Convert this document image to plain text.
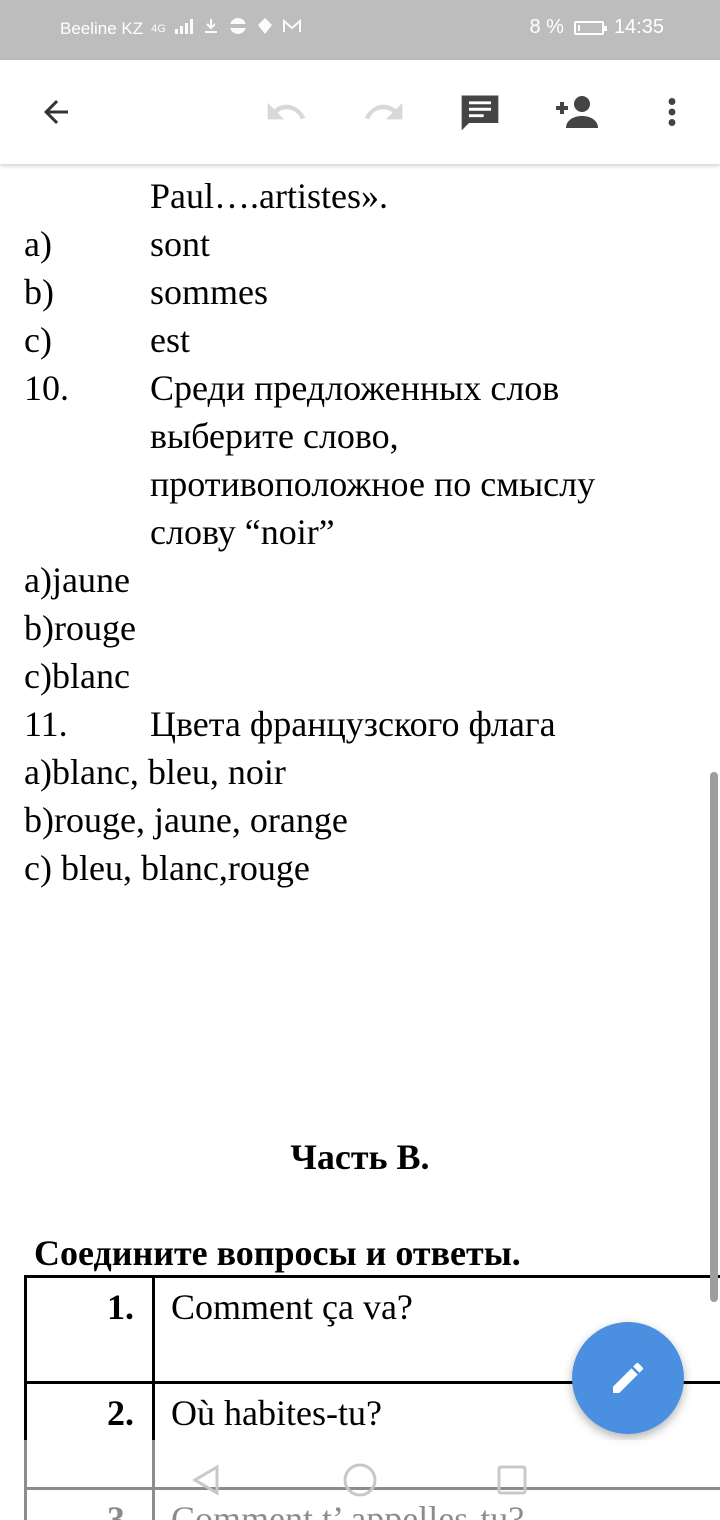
Beeline KZ 4G	8 %	14:35
Paul….artistes».
a)	sont
b)	sommes
c)	est
10. Среди предложенных слов
выберите слово,
противоположное по смыслу
слову “noir”
a)jaune
b)rouge
c)blanc
11. Цвета французского флага
a)blanc, bleu, noir
b)rouge, jaune, orange
c) bleu, blanc,rouge
Часть В.
Соедините вопросы и ответы.
1.	Comment ça va?
2.	Où habites-tu?
